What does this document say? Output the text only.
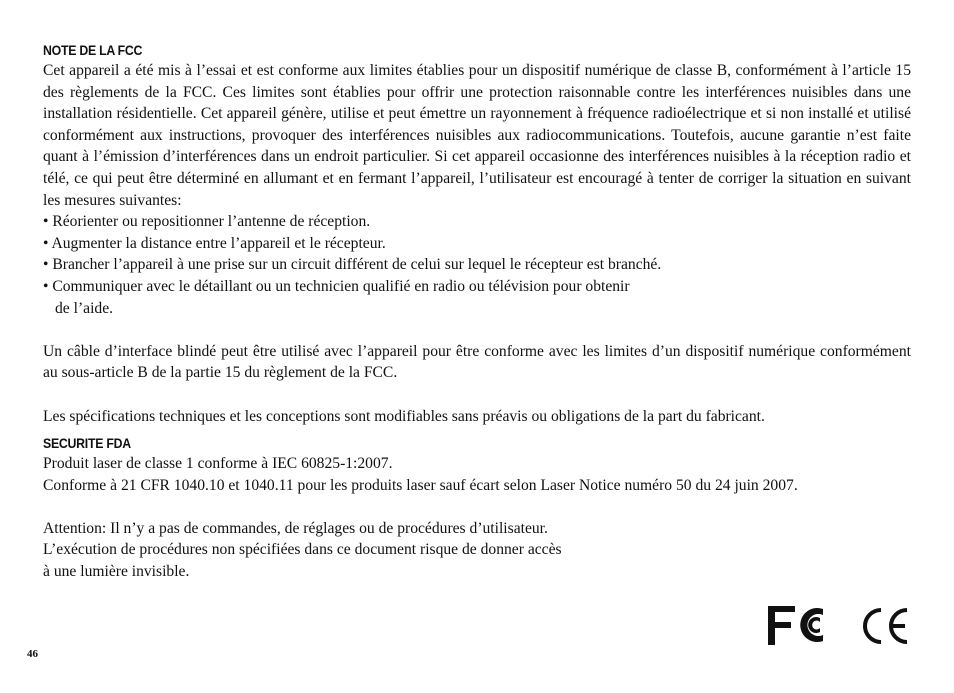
NOTE DE LA FCC

Cet appareil a été mis à l’essai et est conforme aux limites établies pour un dispositif numérique de classe B, conformément à l’article 15 des règlements de la FCC. Ces limites sont établies pour offrir une protection raisonnable contre les interférences nuisibles dans une installation résidentielle. Cet appareil génère, utilise et peut émettre un rayonnement à fréquence radioélectrique et si non installé et utilisé conformément aux instructions, provoquer des interférences nuisibles aux radiocommunications. Toutefois, aucune garantie n’est faite quant à l’émission d’interférences dans un endroit particulier. Si cet appareil occasionne des interférences nuisibles à la réception radio et télé, ce qui peut être déterminé en allumant et en fermant l’appareil, l’utilisateur est encouragé à tenter de corriger la situation en suivant les mesures suivantes:

• Réorienter ou repositionner l’antenne de réception.

• Augmenter la distance entre l’appareil et le récepteur.

• Brancher l’appareil à une prise sur un circuit différent de celui sur lequel le récepteur est branché.

• Communiquer avec le détaillant ou un technicien qualifié en radio ou télévision pour obtenir

de l’aide.

Un câble d’interface blindé peut être utilisé avec l’appareil pour être conforme avec les limites d’un dispositif numérique conformément au sous-article B de la partie 15 du règlement de la FCC.

Les spécifications techniques et les conceptions sont modifiables sans préavis ou obligations de la part du fabricant.

SECURITE FDA

Produit laser de classe 1 conforme à IEC 60825-1:2007.

Conforme à 21 CFR 1040.10 et 1040.11 pour les produits laser sauf écart selon Laser Notice numéro 50 du 24 juin 2007.

Attention: Il n’y a pas de commandes, de réglages ou de procédures d’utilisateur.

L’exécution de procédures non spécifiées dans ce document risque de donner accès

à une lumière invisible.

46
